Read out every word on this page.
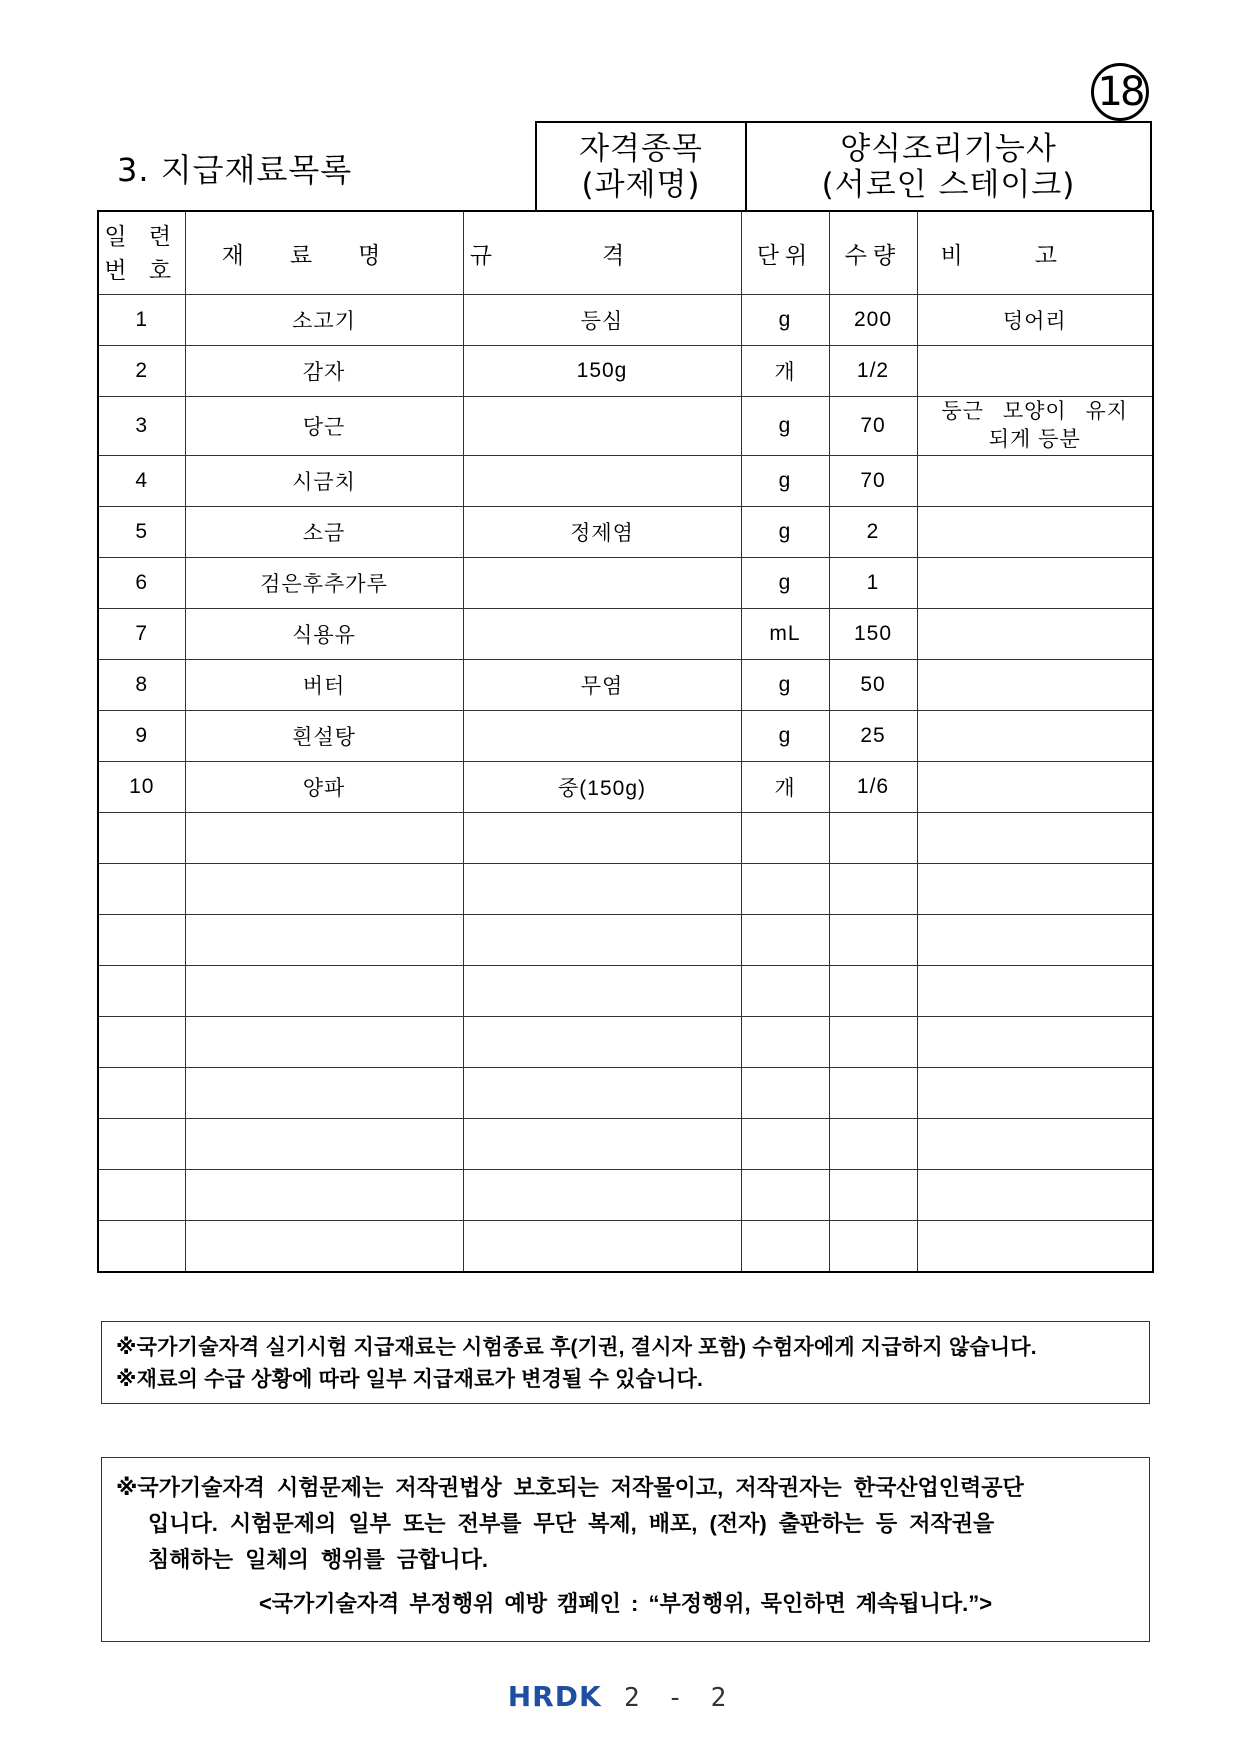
18
3. 지급재료목록
자격종목
(과제명)
양식조리기능사
(서로인 스테이크)
일 련
번 호	재료명	규격	단위	수량	비고
1	소고기	등심	g	200	덩어리

2	감자	150g	개	1/2	

3	당근		g	70	둥근 모양이 유지
되게 등분

4	시금치		g	70	

5	소금	정제염	g	2	

6	검은후추가루		g	1	

7	식용유		mL	150	

8	버터	무염	g	50	

9	흰설탕		g	25	

10	양파	중(150g)	개	1/6	

※국가기술자격 실기시험 지급재료는 시험종료 후(기권, 결시자 포함) 수험자에게 지급하지 않습니다.
※재료의 수급 상황에 따라 일부 지급재료가 변경될 수 있습니다.
※국가기술자격 시험문제는 저작권법상 보호되는 저작물이고, 저작권자는 한국산업인력공단
입니다. 시험문제의 일부 또는 전부를 무단 복제, 배포, (전자) 출판하는 등 저작권을
침해하는 일체의 행위를 금합니다.
<국가기술자격 부정행위 예방 캠페인 : “부정행위, 묵인하면 계속됩니다.”>
HRDK 2 - 2
